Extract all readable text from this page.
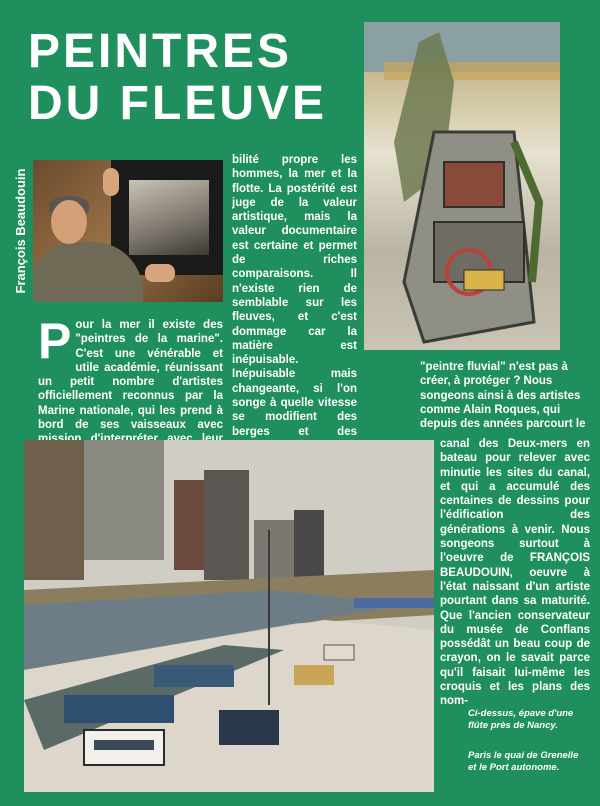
PEINTRES
DU FLEUVE
François Beaudouin

Pour la mer il existe des "peintres de la marine". C'est une vénérable et utile académie, réunissant un petit nombre d'artistes officiellement reconnus par la Marine nationale, qui les prend à bord de ses vaisseaux avec

bilité propre les hommes, la mer et la flotte. La postérité est juge de la valeur artistique, mais la valeur documentaire est certaine et permet de riches comparaisons. Il n'existe rien de semblable sur les fleuves, et c'est dommage car la matière est inépuisable. Inépuisable mais changeante, si l'on songe à quelle vitesse se modifient des berges et des

"peintre fluvial" n'est pas à créer, à protéger ? Nous songeons ainsi à des artistes comme Alain Roques, qui depuis des années parcourt le

canal des Deux-mers en bateau pour relever avec minutie les sites du canal, et qui a accumulé des centaines de dessins pour l'édification des générations à venir. Nous songeons surtout à l'oeuvre de FRANÇOIS BEAUDOUIN, oeuvre à l'état naissant d'un artiste pourtant dans sa maturité. Que l'ancien conservateur du musée de Conflans possédât un beau coup de crayon, on le savait parce qu'il faisait lui-même les croquis et les plans des nom-

Ci-dessus, épave d'une flûte près de Nancy.

Paris le quai de Grenelle et le Port autonome.
